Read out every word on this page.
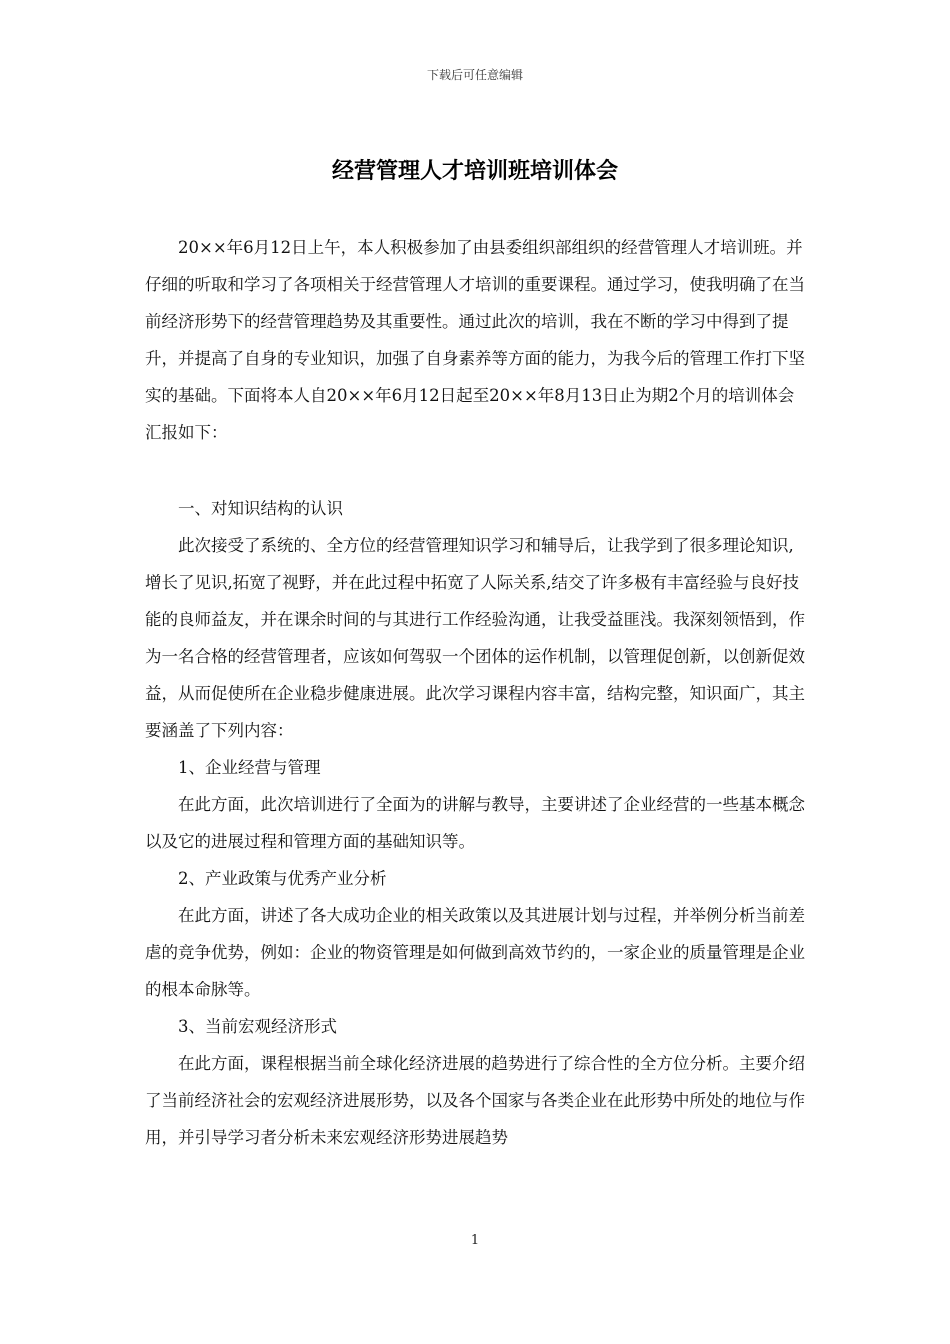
下载后可任意编辑
经营管理人才培训班培训体会

20××年6月12日上午，本人积极参加了由县委组织部组织的经营管理人才培训班。并仔细的听取和学习了各项相关于经营管理人才培训的重要课程。通过学习，使我明确了在当前经济形势下的经营管理趋势及其重要性。通过此次的培训，我在不断的学习中得到了提升，并提高了自身的专业知识，加强了自身素养等方面的能力，为我今后的管理工作打下坚实的基础。下面将本人自20××年6月12日起至20××年8月13日止为期2个月的培训体会汇报如下：

一、对知识结构的认识

此次接受了系统的、全方位的经营管理知识学习和辅导后，让我学到了很多理论知识,增长了见识,拓宽了视野，并在此过程中拓宽了人际关系,结交了许多极有丰富经验与良好技能的良师益友，并在课余时间的与其进行工作经验沟通，让我受益匪浅。我深刻领悟到，作为一名合格的经营管理者，应该如何驾驭一个团体的运作机制，以管理促创新，以创新促效益，从而促使所在企业稳步健康进展。此次学习课程内容丰富，结构完整，知识面广，其主要涵盖了下列内容：

1、企业经营与管理

在此方面，此次培训进行了全面为的讲解与教导，主要讲述了企业经营的一些基本概念以及它的进展过程和管理方面的基础知识等。

2、产业政策与优秀产业分析

在此方面，讲述了各大成功企业的相关政策以及其进展计划与过程，并举例分析当前差虐的竞争优势，例如：企业的物资管理是如何做到高效节约的，一家企业的质量管理是企业的根本命脉等。

3、当前宏观经济形式

在此方面，课程根据当前全球化经济进展的趋势进行了综合性的全方位分析。主要介绍了当前经济社会的宏观经济进展形势，以及各个国家与各类企业在此形势中所处的地位与作用，并引导学习者分析未来宏观经济形势进展趋势

1
